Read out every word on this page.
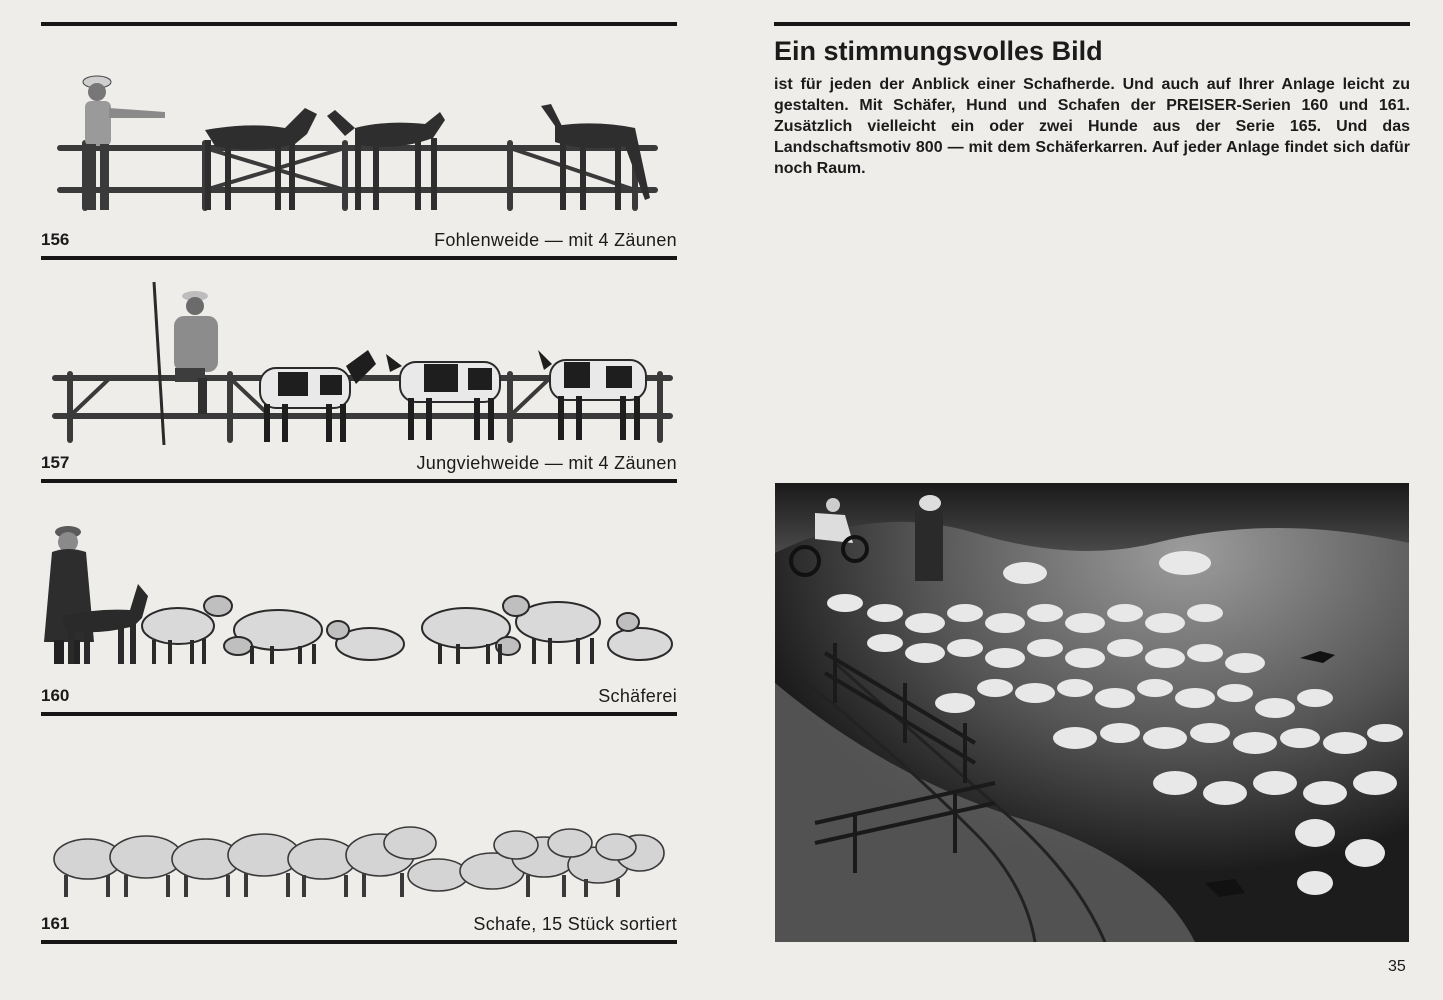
156	Fohlenweide — mit 4 Zäunen
157	Jungviehweide — mit 4 Zäunen
160	Schäferei
161	Schafe, 15 Stück sortiert
Ein stimmungsvolles Bild

ist für jeden der Anblick einer Schafherde. Und auch auf Ihrer Anlage leicht zu gestalten. Mit Schäfer, Hund und Schafen der PREISER-Serien 160 und 161. Zusätzlich vielleicht ein oder zwei Hunde aus der Serie 165. Und das Landschaftsmotiv 800 — mit dem Schäferkarren. Auf jeder Anlage findet sich dafür noch Raum.

35
